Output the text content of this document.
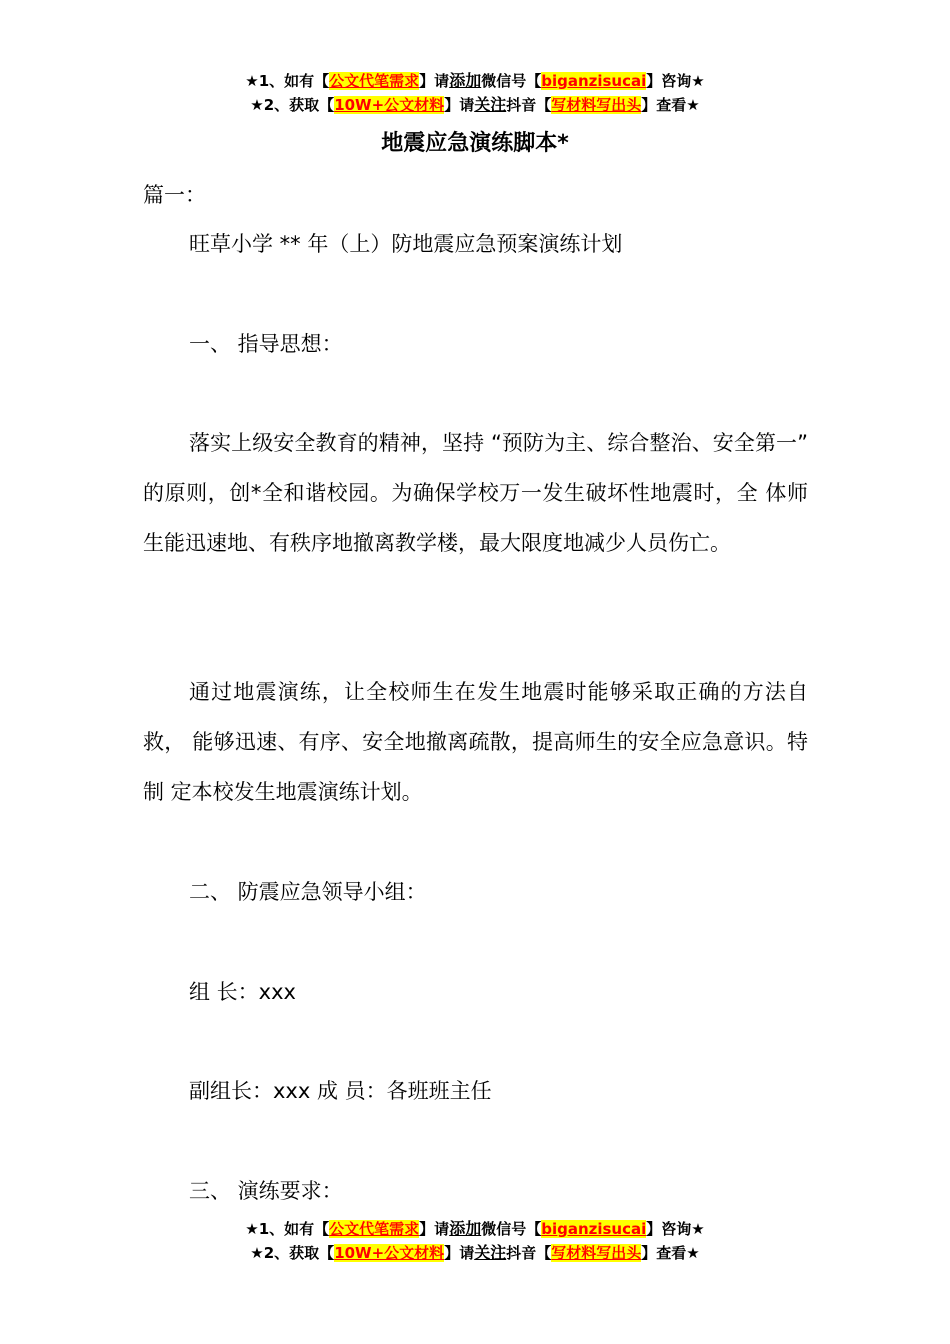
★1、如有【公文代笔需求】请添加微信号【biganzisucai】咨询★
★2、获取【10W+公文材料】请关注抖音【写材料写出头】查看★
地震应急演练脚本*
篇一：
旺草小学 ** 年（上）防地震应急预案演练计划
一、 指导思想：
落实上级安全教育的精神，坚持 “预防为主、综合整治、安全第一” 的原则，创*全和谐校园。为确保学校万一发生破坏性地震时，全 体师生能迅速地、有秩序地撤离教学楼，最大限度地减少人员伤亡。
通过地震演练，让全校师生在发生地震时能够采取正确的方法自救， 能够迅速、有序、安全地撤离疏散，提高师生的安全应急意识。特制 定本校发生地震演练计划。
二、 防震应急领导小组：
组 长：xxx
副组长：xxx 成 员：各班班主任
三、 演练要求：
★1、如有【公文代笔需求】请添加微信号【biganzisucai】咨询★
★2、获取【10W+公文材料】请关注抖音【写材料写出头】查看★
